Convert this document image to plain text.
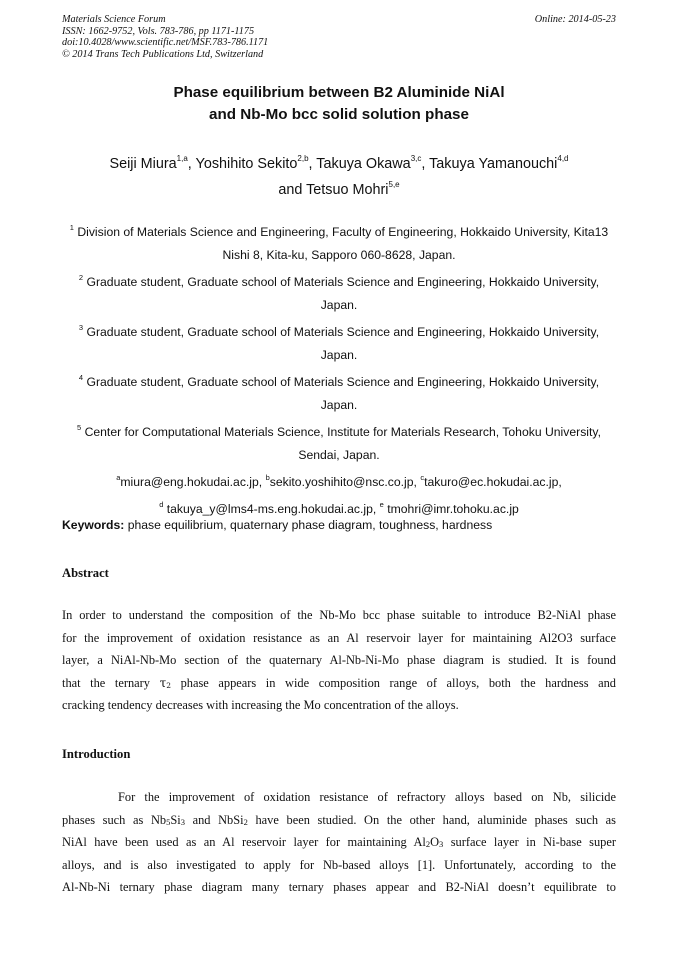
Materials Science Forum
ISSN: 1662-9752, Vols. 783-786, pp 1171-1175
doi:10.4028/www.scientific.net/MSF.783-786.1171
© 2014 Trans Tech Publications Ltd, Switzerland
Online: 2014-05-23
Phase equilibrium between B2 Aluminide NiAl
and Nb-Mo bcc solid solution phase
Seiji Miura$^{1,a}$, Yoshihito Sekito$^{2,b}$, Takuya Okawa$^{3,c}$, Takuya Yamanouchi$^{4,d}$
and Tetsuo Mohri$^{5,e}$
$^1$ Division of Materials Science and Engineering, Faculty of Engineering, Hokkaido University, Kita13
Nishi 8, Kita-ku, Sapporo 060-8628, Japan.
$^2$ Graduate student, Graduate school of Materials Science and Engineering, Hokkaido University,
Japan.
$^3$ Graduate student, Graduate school of Materials Science and Engineering, Hokkaido University,
Japan.
$^4$ Graduate student, Graduate school of Materials Science and Engineering, Hokkaido University,
Japan.
$^5$ Center for Computational Materials Science, Institute for Materials Research, Tohoku University,
Sendai, Japan.
$^a$miura@eng.hokudai.ac.jp, $^b$sekito.yoshihito@nsc.co.jp, $^c$takuro@ec.hokudai.ac.jp,
$^d$ takuya_y@lms4-ms.eng.hokudai.ac.jp, $^e$ tmohri@imr.tohoku.ac.jp
Keywords: phase equilibrium, quaternary phase diagram, toughness, hardness
Abstract
In order to understand the composition of the Nb-Mo bcc phase suitable to introduce B2-NiAl phase
for the improvement of oxidation resistance as an Al reservoir layer for maintaining Al2O3 surface
layer, a NiAl-Nb-Mo section of the quaternary Al-Nb-Ni-Mo phase diagram is studied. It is found
that the ternary $\tau_2$ phase appears in wide composition range of alloys, both the hardness and
cracking tendency decreases with increasing the Mo concentration of the alloys.
Introduction
For the improvement of oxidation resistance of refractory alloys based on Nb, silicide
phases such as $Nb_5Si_3$ and NbSi$_2$ have been studied. On the other hand, aluminide phases such as
NiAl have been used as an Al reservoir layer for maintaining $Al_2O_3$ surface layer in Ni-base super
alloys, and is also investigated to apply for Nb-based alloys [1]. Unfortunately, according to the
Al-Nb-Ni ternary phase diagram many ternary phases appear and B2-NiAl doesn’t equilibrate to
